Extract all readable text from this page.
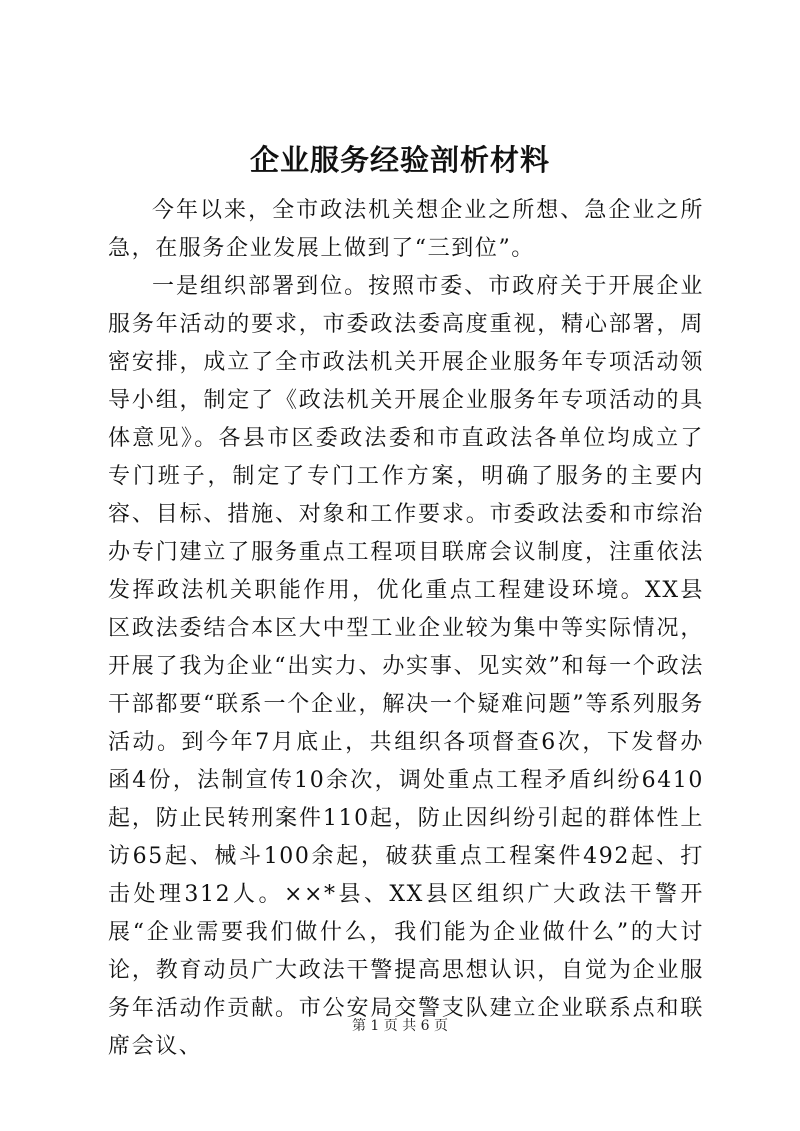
企业服务经验剖析材料

今年以来，全市政法机关想企业之所想、急企业之所急，在服务企业发展上做到了“三到位”。

一是组织部署到位。按照市委、市政府关于开展企业服务年活动的要求，市委政法委高度重视，精心部署，周密安排，成立了全市政法机关开展企业服务年专项活动领导小组，制定了《政法机关开展企业服务年专项活动的具体意见》。各县市区委政法委和市直政法各单位均成立了专门班子，制定了专门工作方案，明确了服务的主要内容、目标、措施、对象和工作要求。市委政法委和市综治办专门建立了服务重点工程项目联席会议制度，注重依法发挥政法机关职能作用，优化重点工程建设环境。XX县区政法委结合本区大中型工业企业较为集中等实际情况，开展了我为企业“出实力、办实事、见实效”和每一个政法干部都要“联系一个企业，解决一个疑难问题”等系列服务活动。到今年7月底止，共组织各项督查6次，下发督办函4份，法制宣传10余次，调处重点工程矛盾纠纷6410起，防止民转刑案件110起，防止因纠纷引起的群体性上访65起、械斗100余起，破获重点工程案件492起、打击处理312人。××*县、XX县区组织广大政法干警开展“企业需要我们做什么，我们能为企业做什么”的大讨论，教育动员广大政法干警提高思想认识，自觉为企业服务年活动作贡献。市公安局交警支队建立企业联系点和联席会议、

第 1 页 共 6 页
